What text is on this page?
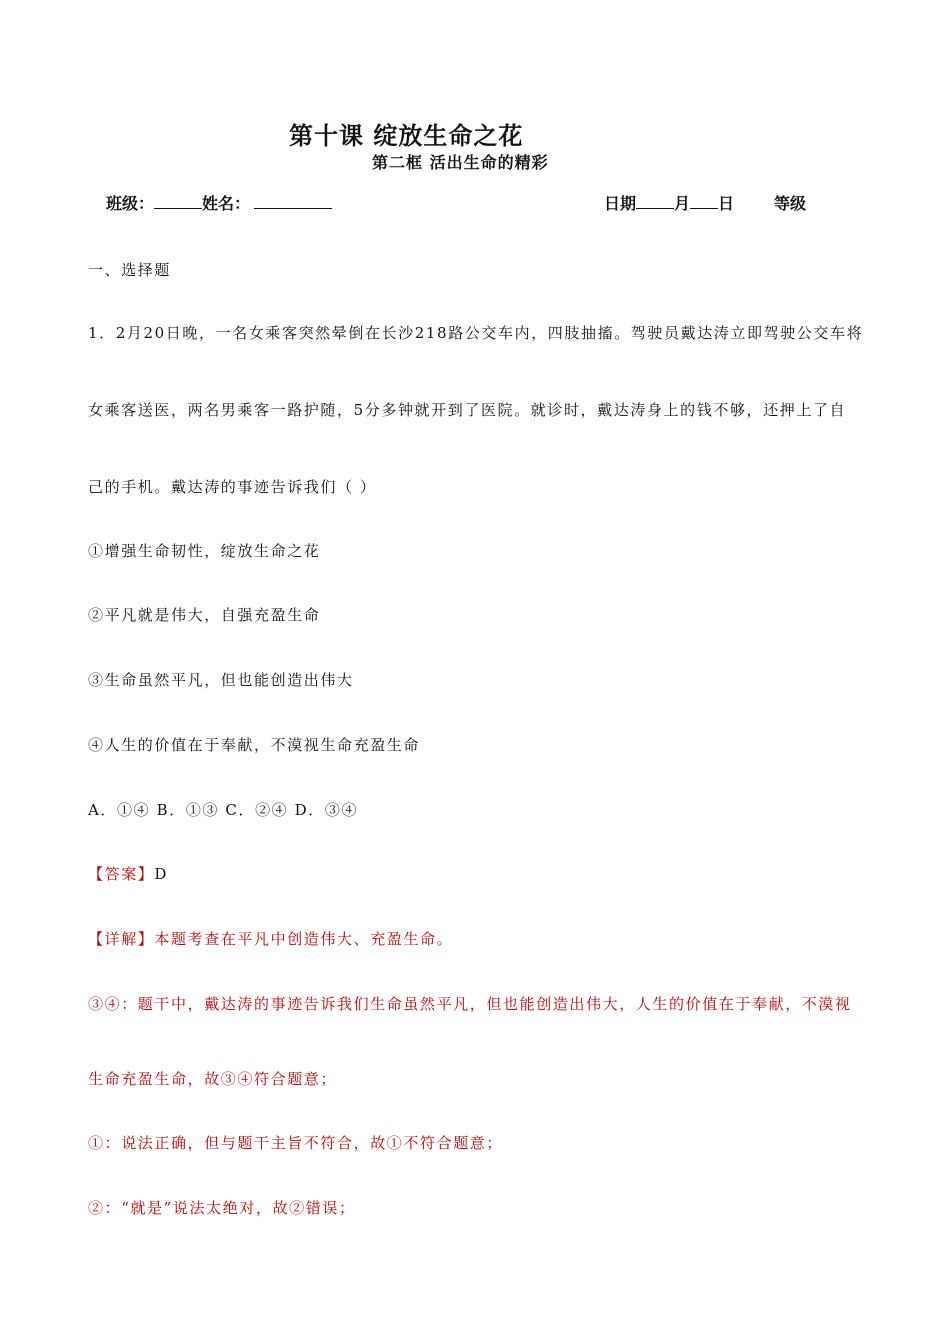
第十课 绽放生命之花
第二框 活出生命的精彩
班级：	姓名：	日期 月 日	等级
一、选择题
1．2月20日晚，一名女乘客突然晕倒在长沙218路公交车内，四肢抽搐。驾驶员戴达涛立即驾驶公交车将
女乘客送医，两名男乘客一路护随，5分多钟就开到了医院。就诊时，戴达涛身上的钱不够，还押上了自
己的手机。戴达涛的事迹告诉我们（ ）
①增强生命韧性，绽放生命之花
②平凡就是伟大，自强充盈生命
③生命虽然平凡，但也能创造出伟大
④人生的价值在于奉献，不漠视生命充盈生命
A．①④ B．①③ C．②④ D．③④
【答案】D
【详解】本题考查在平凡中创造伟大、充盈生命。
③④：题干中，戴达涛的事迹告诉我们生命虽然平凡，但也能创造出伟大，人生的价值在于奉献，不漠视
生命充盈生命，故③④符合题意；
①：说法正确，但与题干主旨不符合，故①不符合题意；
②：“就是”说法太绝对，故②错误；
